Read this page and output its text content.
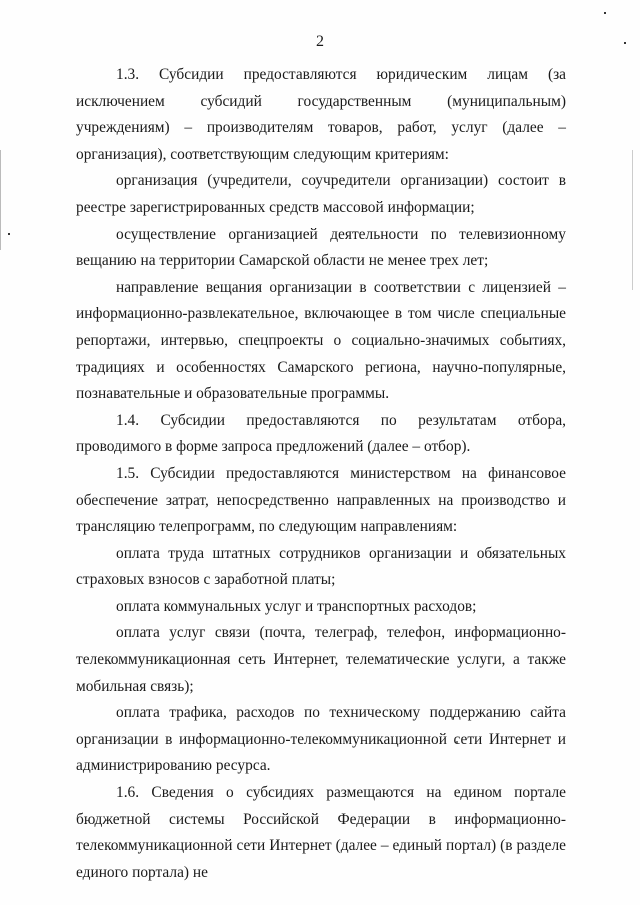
2

1.3. Субсидии предоставляются юридическим лицам (за исключением субсидий государственным (муниципальным) учреждениям) – производителям товаров, работ, услуг (далее – организация), соответствующим следующим критериям:

организация (учредители, соучредители организации) состоит в реестре зарегистрированных средств массовой информации;

осуществление организацией деятельности по телевизионному вещанию на территории Самарской области не менее трех лет;

направление вещания организации в соответствии с лицензией – информационно-развлекательное, включающее в том числе специальные репортажи, интервью, спецпроекты о социально-значимых событиях, традициях и особенностях Самарского региона, научно-популярные, познавательные и образовательные программы.

1.4. Субсидии предоставляются по результатам отбора, проводимого в форме запроса предложений (далее – отбор).

1.5. Субсидии предоставляются министерством на финансовое обеспечение затрат, непосредственно направленных на производство и трансляцию телепрограмм, по следующим направлениям:

оплата труда штатных сотрудников организации и обязательных страховых взносов с заработной платы;

оплата коммунальных услуг и транспортных расходов;

оплата услуг связи (почта, телеграф, телефон, информационно-телекоммуникационная сеть Интернет, телематические услуги, а также мобильная связь);

оплата трафика, расходов по техническому поддержанию сайта организации в информационно-телекоммуникационной сети Интернет и администрированию ресурса.

1.6. Сведения о субсидиях размещаются на едином портале бюджетной системы Российской Федерации в информационно-телекоммуникационной сети Интернет (далее – единый портал) (в разделе единого портала) не
